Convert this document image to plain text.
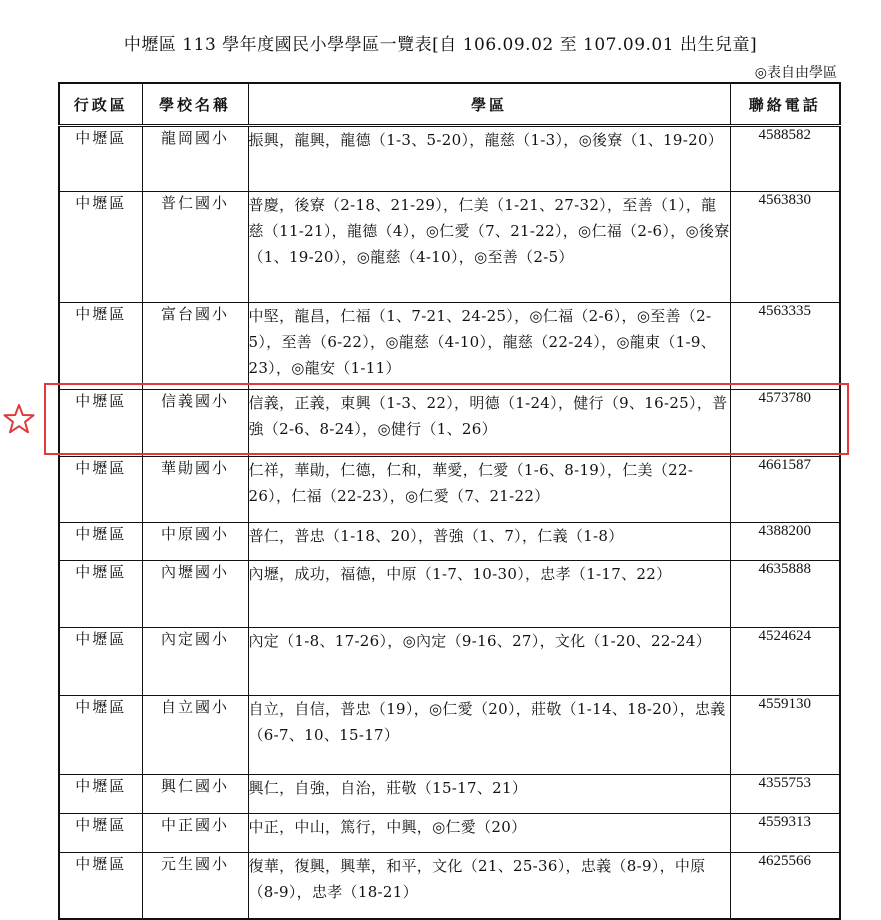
中壢區 113 學年度國民小學學區一覽表[自 106.09.02 至 107.09.01 出生兒童]
◎表自由學區
行政區	學校名稱	學區	聯絡電話
中壢區	龍岡國小	振興，龍興，龍德（1-3、5-20），龍慈（1-3），◎後寮（1、19-20）	4588582
中壢區	普仁國小	普慶，後寮（2-18、21-29），仁美（1-21、27-32），至善（1），龍慈（11-21），龍德（4），◎仁愛（7、21-22），◎仁福（2-6），◎後寮（1、19-20），◎龍慈（4-10），◎至善（2-5）	4563830
中壢區	富台國小	中堅，龍昌，仁福（1、7-21、24-25），◎仁福（2-6），◎至善（2-5），至善（6-22），◎龍慈（4-10），龍慈（22-24），◎龍東（1-9、23），◎龍安（1-11）	4563335
中壢區	信義國小	信義，正義，東興（1-3、22），明德（1-24），健行（9、16-25），普強（2-6、8-24），◎健行（1、26）	4573780
中壢區	華勛國小	仁祥，華勛，仁德，仁和，華愛，仁愛（1-6、8-19），仁美（22-26），仁福（22-23），◎仁愛（7、21-22）	4661587
中壢區	中原國小	普仁，普忠（1-18、20），普強（1、7），仁義（1-8）	4388200
中壢區	內壢國小	內壢，成功，福德，中原（1-7、10-30），忠孝（1-17、22）	4635888
中壢區	內定國小	內定（1-8、17-26），◎內定（9-16、27），文化（1-20、22-24）	4524624
中壢區	自立國小	自立，自信，普忠（19），◎仁愛（20），莊敬（1-14、18-20），忠義（6-7、10、15-17）	4559130
中壢區	興仁國小	興仁，自強，自治，莊敬（15-17、21）	4355753
中壢區	中正國小	中正，中山，篤行，中興，◎仁愛（20）	4559313
中壢區	元生國小	復華，復興，興華，和平，文化（21、25-36），忠義（8-9），中原（8-9），忠孝（18-21）	4625566
